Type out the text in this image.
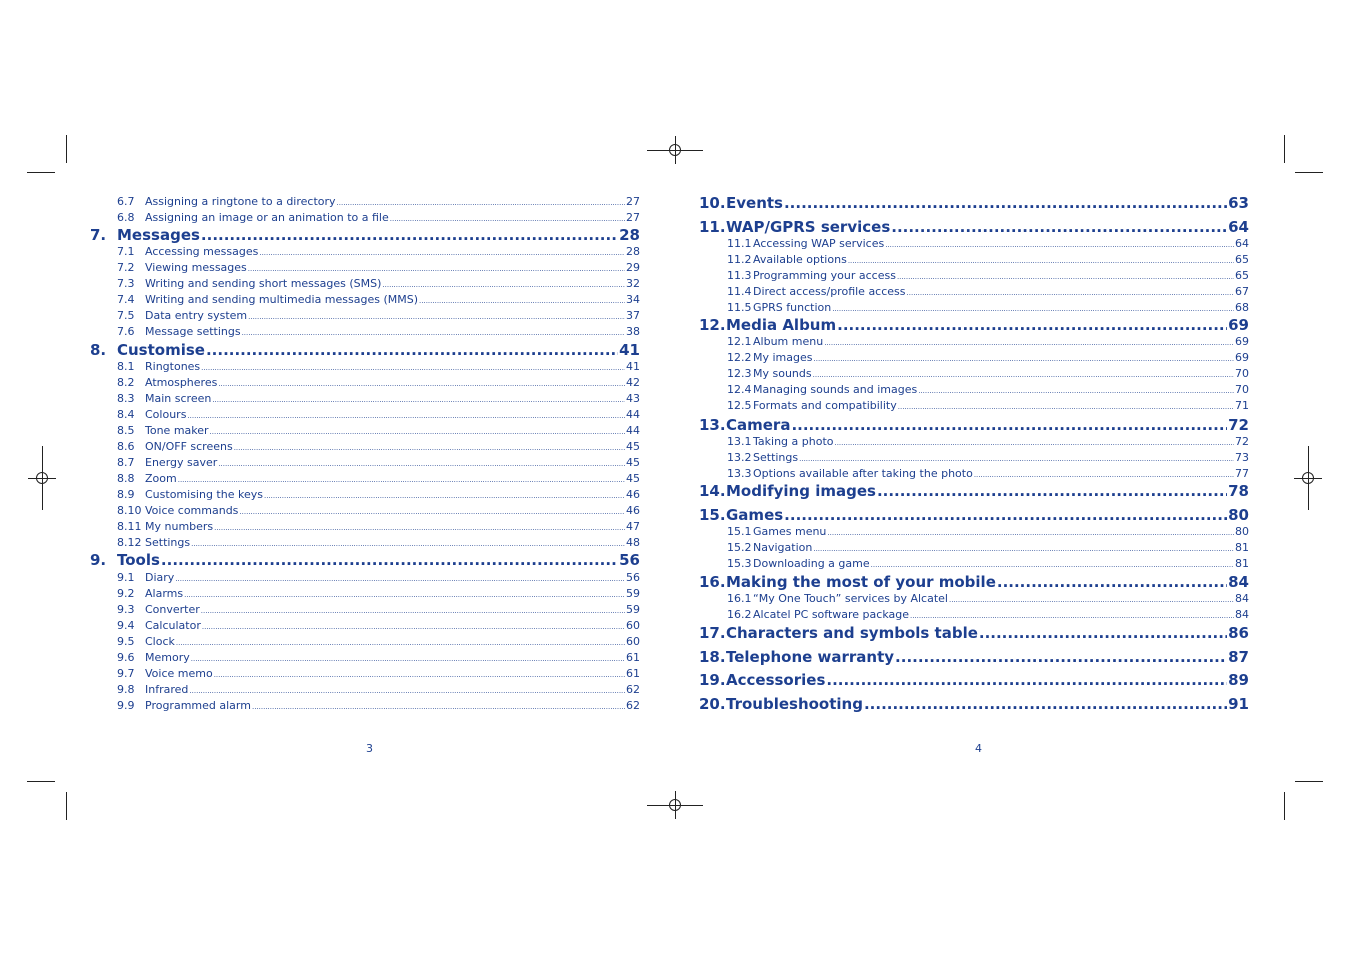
6.7 Assigning a ringtone to a directory .....	27
6.8 Assigning an image or an animation to a file .....	27
7. Messages .....	28
7.1 Accessing messages .....	28
7.2 Viewing messages .....	29
7.3 Writing and sending short messages (SMS) .....	32
7.4 Writing and sending multimedia messages (MMS) .....	34
7.5 Data entry system .....	37
7.6 Message settings .....	38
8. Customise .....	41
8.1 Ringtones .....	41
8.2 Atmospheres .....	42
8.3 Main screen .....	43
8.4 Colours .....	44
8.5 Tone maker .....	44
8.6 ON/OFF screens .....	45
8.7 Energy saver .....	45
8.8 Zoom .....	45
8.9 Customising the keys .....	46
8.10 Voice commands .....	46
8.11 My numbers .....	47
8.12 Settings .....	48
9. Tools .....	56
9.1 Diary .....	56
9.2 Alarms .....	59
9.3 Converter .....	59
9.4 Calculator .....	60
9.5 Clock .....	60
9.6 Memory .....	61
9.7 Voice memo .....	61
9.8 Infrared .....	62
9.9 Programmed alarm .....	62
10. Events .....	63
11. WAP/GPRS services .....	64
11.1 Accessing WAP services .....	64
11.2 Available options .....	65
11.3 Programming your access .....	65
11.4 Direct access/profile access .....	67
11.5 GPRS function .....	68
12. Media Album .....	69
12.1 Album menu .....	69
12.2 My images .....	69
12.3 My sounds .....	70
12.4 Managing sounds and images .....	70
12.5 Formats and compatibility .....	71
13. Camera .....	72
13.1 Taking a photo .....	72
13.2 Settings .....	73
13.3 Options available after taking the photo .....	77
14. Modifying images .....	78
15. Games .....	80
15.1 Games menu .....	80
15.2 Navigation .....	81
15.3 Downloading a game .....	81
16. Making the most of your mobile .....	84
16.1 “My One Touch” services by Alcatel .....	84
16.2 Alcatel PC software package .....	84
17. Characters and symbols table .....	86
18. Telephone warranty .....	87
19. Accessories .....	89
20. Troubleshooting .....	91
3	4
